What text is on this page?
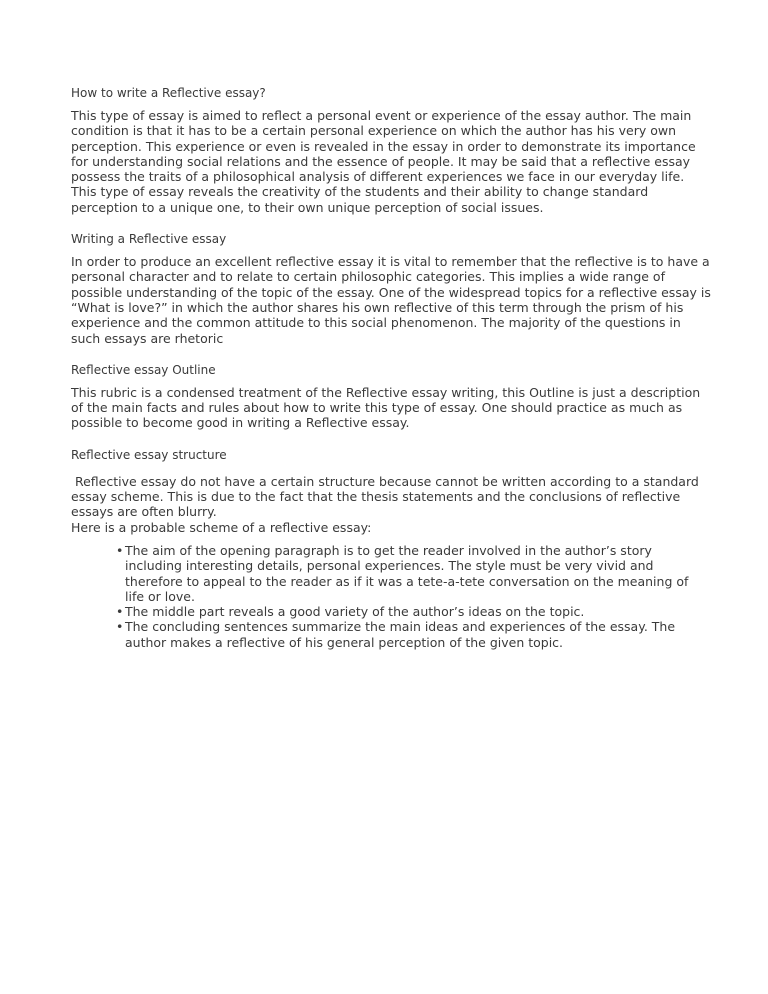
How to write a Reflective essay?

This type of essay is aimed to reflect a personal event or experience of the essay author. The main condition is that it has to be a certain personal experience on which the author has his very own perception. This experience or even is revealed in the essay in order to demonstrate its importance for understanding social relations and the essence of people. It may be said that a reflective essay possess the traits of a philosophical analysis of different experiences we face in our everyday life. This type of essay reveals the creativity of the students and their ability to change standard perception to a unique one, to their own unique perception of social issues.

Writing a Reflective essay

In order to produce an excellent reflective essay it is vital to remember that the reflective is to have a personal character and to relate to certain philosophic categories. This implies a wide range of possible understanding of the topic of the essay. One of the widespread topics for a reflective essay is “What is love?” in which the author shares his own reflective of this term through the prism of his experience and the common attitude to this social phenomenon. The majority of the questions in such essays are rhetoric

Reflective essay Outline

This rubric is a condensed treatment of the Reflective essay writing, this Outline is just a description of the main facts and rules about how to write this type of essay. One should practice as much as possible to become good in writing a Reflective essay.

Reflective essay structure

Reflective essay do not have a certain structure because cannot be written according to a standard essay scheme. This is due to the fact that the thesis statements and the conclusions of reflective essays are often blurry.

Here is a probable scheme of a reflective essay:

• The aim of the opening paragraph is to get the reader involved in the author’s story including interesting details, personal experiences. The style must be very vivid and therefore to appeal to the reader as if it was a tete-a-tete conversation on the meaning of life or love.
• The middle part reveals a good variety of the author’s ideas on the topic.
• The concluding sentences summarize the main ideas and experiences of the essay. The author makes a reflective of his general perception of the given topic.
